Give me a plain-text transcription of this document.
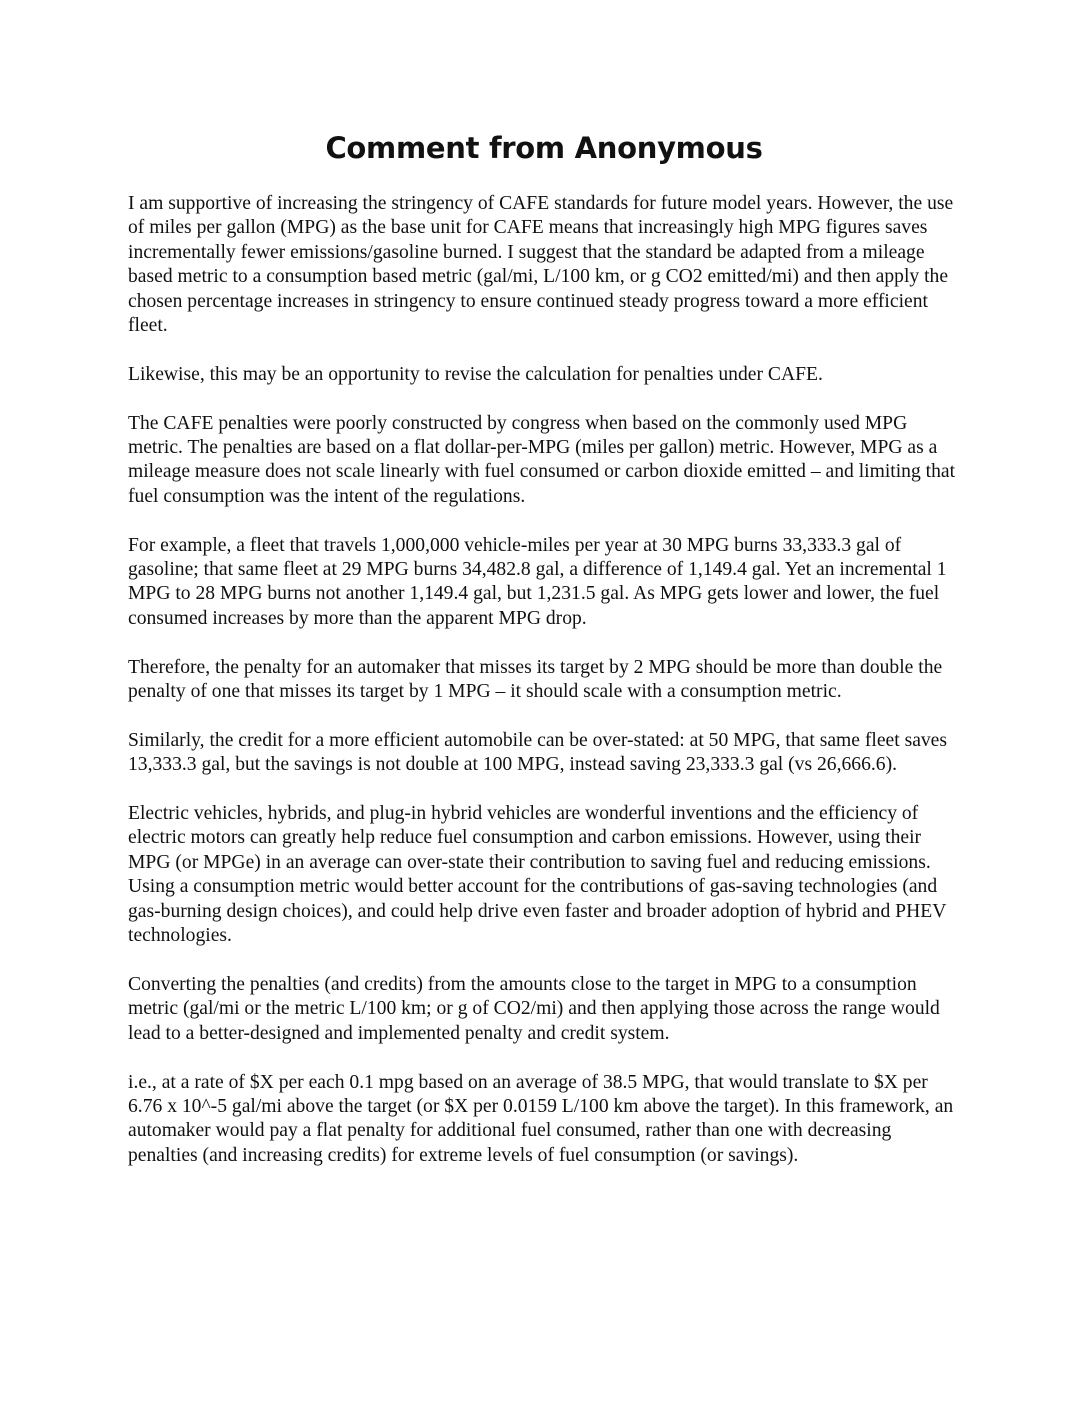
Comment from Anonymous

I am supportive of increasing the stringency of CAFE standards for future model years. However, the use of miles per gallon (MPG) as the base unit for CAFE means that increasingly high MPG figures saves incrementally fewer emissions/gasoline burned. I suggest that the standard be adapted from a mileage based metric to a consumption based metric (gal/mi, L/100 km, or g CO2 emitted/mi) and then apply the chosen percentage increases in stringency to ensure continued steady progress toward a more efficient fleet.

Likewise, this may be an opportunity to revise the calculation for penalties under CAFE.

The CAFE penalties were poorly constructed by congress when based on the commonly used MPG metric. The penalties are based on a flat dollar-per-MPG (miles per gallon) metric. However, MPG as a mileage measure does not scale linearly with fuel consumed or carbon dioxide emitted – and limiting that fuel consumption was the intent of the regulations.

For example, a fleet that travels 1,000,000 vehicle-miles per year at 30 MPG burns 33,333.3 gal of gasoline; that same fleet at 29 MPG burns 34,482.8 gal, a difference of 1,149.4 gal. Yet an incremental 1 MPG to 28 MPG burns not another 1,149.4 gal, but 1,231.5 gal. As MPG gets lower and lower, the fuel consumed increases by more than the apparent MPG drop.

Therefore, the penalty for an automaker that misses its target by 2 MPG should be more than double the penalty of one that misses its target by 1 MPG – it should scale with a consumption metric.

Similarly, the credit for a more efficient automobile can be over-stated: at 50 MPG, that same fleet saves 13,333.3 gal, but the savings is not double at 100 MPG, instead saving 23,333.3 gal (vs 26,666.6).

Electric vehicles, hybrids, and plug-in hybrid vehicles are wonderful inventions and the efficiency of electric motors can greatly help reduce fuel consumption and carbon emissions. However, using their MPG (or MPGe) in an average can over-state their contribution to saving fuel and reducing emissions. Using a consumption metric would better account for the contributions of gas-saving technologies (and gas-burning design choices), and could help drive even faster and broader adoption of hybrid and PHEV technologies.

Converting the penalties (and credits) from the amounts close to the target in MPG to a consumption metric (gal/mi or the metric L/100 km; or g of CO2/mi) and then applying those across the range would lead to a better-designed and implemented penalty and credit system.

i.e., at a rate of $X per each 0.1 mpg based on an average of 38.5 MPG, that would translate to $X per 6.76 x 10^-5 gal/mi above the target (or $X per 0.0159 L/100 km above the target). In this framework, an automaker would pay a flat penalty for additional fuel consumed, rather than one with decreasing penalties (and increasing credits) for extreme levels of fuel consumption (or savings).
